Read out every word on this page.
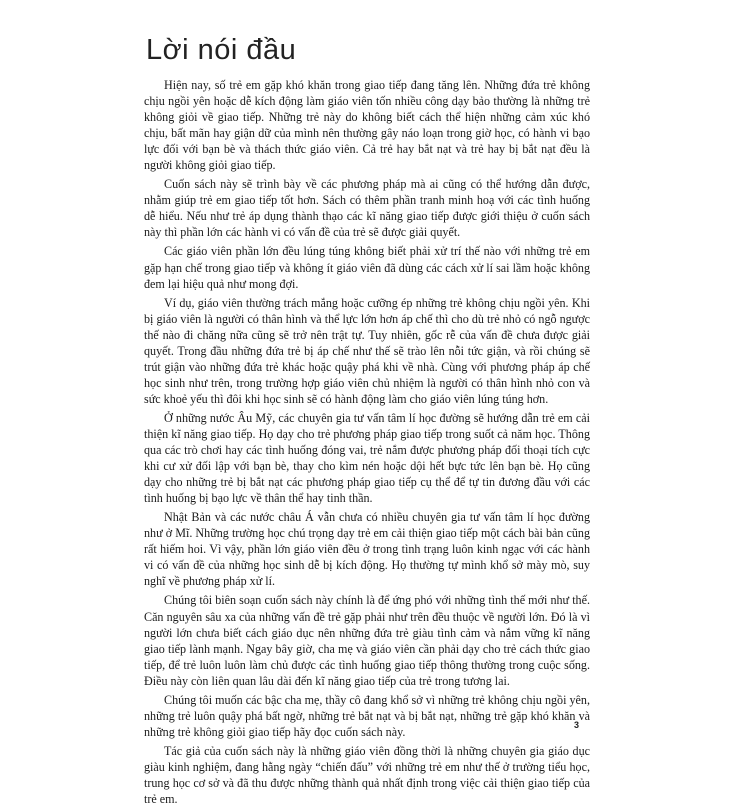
Lời nói đầu

Hiện nay, số trẻ em gặp khó khăn trong giao tiếp đang tăng lên. Những đứa trẻ không chịu ngồi yên hoặc dễ kích động làm giáo viên tốn nhiều công dạy bảo thường là những trẻ không giỏi về giao tiếp. Những trẻ này do không biết cách thể hiện những cảm xúc khó chịu, bất mãn hay giận dữ của mình nên thường gây náo loạn trong giờ học, có hành vi bạo lực đối với bạn bè và thách thức giáo viên. Cả trẻ hay bắt nạt và trẻ hay bị bắt nạt đều là người không giỏi giao tiếp.

Cuốn sách này sẽ trình bày về các phương pháp mà ai cũng có thể hướng dẫn được, nhằm giúp trẻ em giao tiếp tốt hơn. Sách có thêm phần tranh minh hoạ với các tình huống dễ hiểu. Nếu như trẻ áp dụng thành thạo các kĩ năng giao tiếp được giới thiệu ở cuốn sách này thì phần lớn các hành vi có vấn đề của trẻ sẽ được giải quyết.

Các giáo viên phần lớn đều lúng túng không biết phải xử trí thế nào với những trẻ em gặp hạn chế trong giao tiếp và không ít giáo viên đã dùng các cách xử lí sai lầm hoặc không đem lại hiệu quả như mong đợi.

Ví dụ, giáo viên thường trách mắng hoặc cưỡng ép những trẻ không chịu ngồi yên. Khi bị giáo viên là người có thân hình và thể lực lớn hơn áp chế thì cho dù trẻ nhỏ có ngỗ ngược thế nào đi chăng nữa cũng sẽ trở nên trật tự. Tuy nhiên, gốc rễ của vấn đề chưa được giải quyết. Trong đầu những đứa trẻ bị áp chế như thế sẽ trào lên nỗi tức giận, và rồi chúng sẽ trút giận vào những đứa trẻ khác hoặc quậy phá khi về nhà. Cùng với phương pháp áp chế học sinh như trên, trong trường hợp giáo viên chủ nhiệm là người có thân hình nhỏ con và sức khoẻ yếu thì đôi khi học sinh sẽ có hành động làm cho giáo viên lúng túng hơn.

Ở những nước Âu Mỹ, các chuyên gia tư vấn tâm lí học đường sẽ hướng dẫn trẻ em cải thiện kĩ năng giao tiếp. Họ dạy cho trẻ phương pháp giao tiếp trong suốt cả năm học. Thông qua các trò chơi hay các tình huống đóng vai, trẻ nắm được phương pháp đối thoại tích cực khi cư xử đối lập với bạn bè, thay cho kìm nén hoặc dội hết bực tức lên bạn bè. Họ cũng dạy cho những trẻ bị bắt nạt các phương pháp giao tiếp cụ thể để tự tin đương đầu với các tình huống bị bạo lực về thân thể hay tinh thần.

Nhật Bản và các nước châu Á vẫn chưa có nhiều chuyên gia tư vấn tâm lí học đường như ở Mĩ. Những trường học chú trọng dạy trẻ em cải thiện giao tiếp một cách bài bản cũng rất hiếm hoi. Vì vậy, phần lớn giáo viên đều ở trong tình trạng luôn kinh ngạc với các hành vi có vấn đề của những học sinh dễ bị kích động. Họ thường tự mình khổ sở mày mò, suy nghĩ về phương pháp xử lí.

Chúng tôi biên soạn cuốn sách này chính là để ứng phó với những tình thế mới như thế. Căn nguyên sâu xa của những vấn đề trẻ gặp phải như trên đều thuộc về người lớn. Đó là vì người lớn chưa biết cách giáo dục nên những đứa trẻ giàu tình cảm và nắm vững kĩ năng giao tiếp lành mạnh. Ngay bây giờ, cha mẹ và giáo viên cần phải dạy cho trẻ cách thức giao tiếp, để trẻ luôn luôn làm chủ được các tình huống giao tiếp thông thường trong cuộc sống. Điều này còn liên quan lâu dài đến kĩ năng giao tiếp của trẻ trong tương lai.

Chúng tôi muốn các bậc cha mẹ, thầy cô đang khổ sở vì những trẻ không chịu ngồi yên, những trẻ luôn quậy phá bất ngờ, những trẻ bắt nạt và bị bắt nạt, những trẻ gặp khó khăn và những trẻ không giỏi giao tiếp hãy đọc cuốn sách này.

Tác giả của cuốn sách này là những giáo viên đồng thời là những chuyên gia giáo dục giàu kinh nghiệm, đang hằng ngày “chiến đấu” với những trẻ em như thế ở trường tiểu học, trung học cơ sở và đã thu được những thành quả nhất định trong việc cải thiện giao tiếp của trẻ em.

3
